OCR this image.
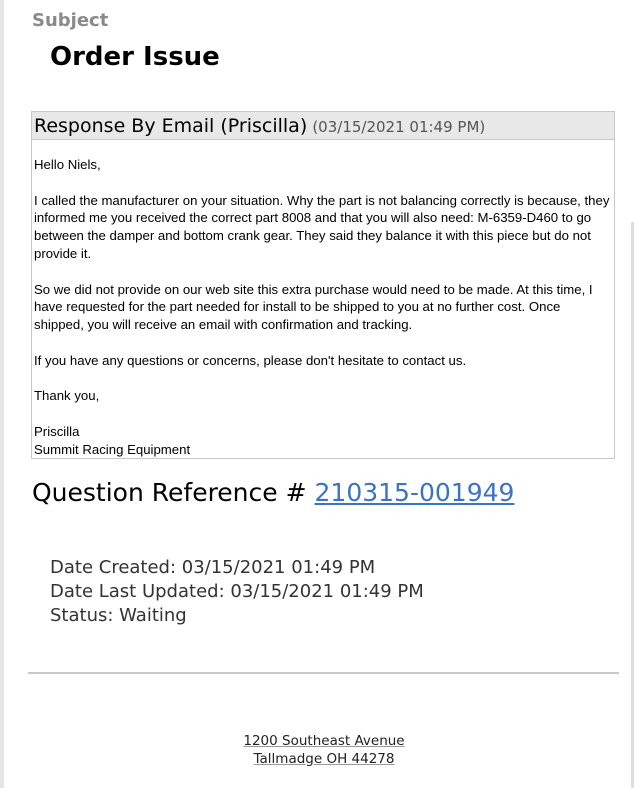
Subject
Order Issue
Response By Email (Priscilla) (03/15/2021 01:49 PM)

Hello Niels,

I called the manufacturer on your situation. Why the part is not balancing correctly is because, they informed me you received the correct part 8008 and that you will also need: M-6359-D460 to go between the damper and bottom crank gear. They said they balance it with this piece but do not provide it.

So we did not provide on our web site this extra purchase would need to be made. At this time, I have requested for the part needed for install to be shipped to you at no further cost. Once shipped, you will receive an email with confirmation and tracking.

If you have any questions or concerns, please don't hesitate to contact us.

Thank you,

Priscilla

Summit Racing Equipment

Question Reference # 210315-001949
Date Created: 03/15/2021 01:49 PM
Date Last Updated: 03/15/2021 01:49 PM
Status: Waiting
1200 Southeast Avenue
Tallmadge OH 44278
